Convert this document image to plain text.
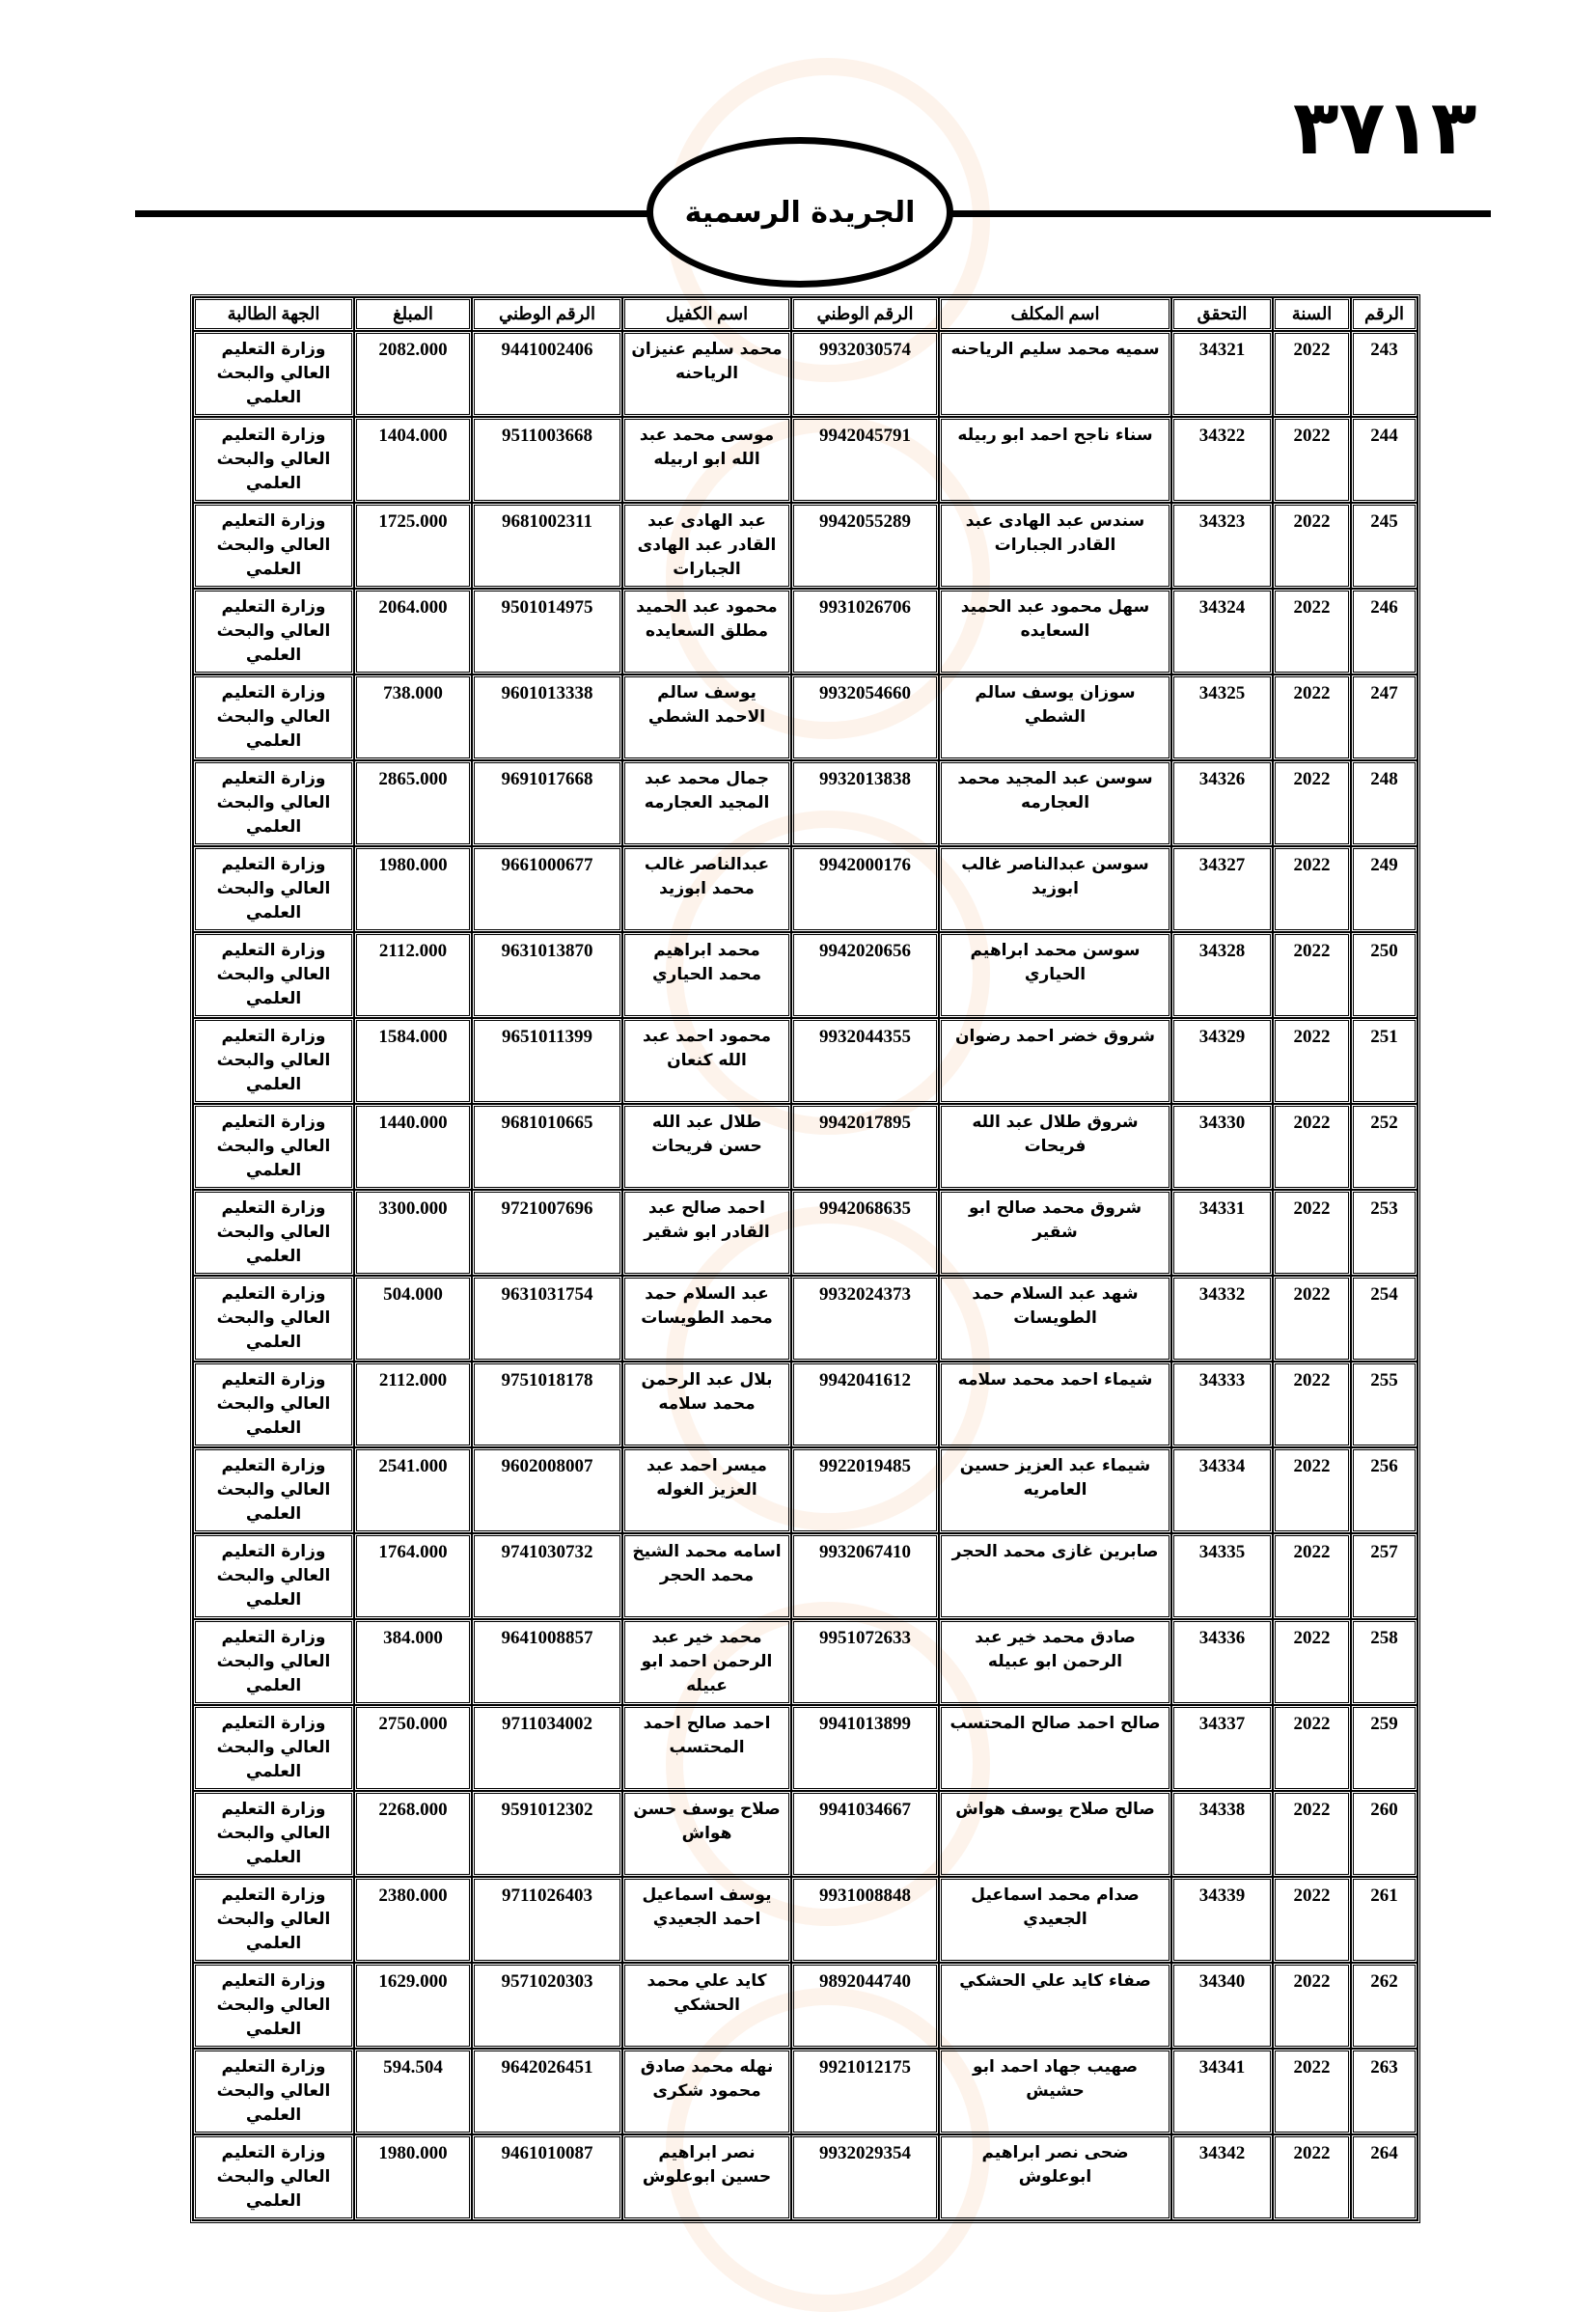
٣٧١٣
الجريدة الرسمية
الرقم	السنة	التحقق	اسم المكلف	الرقم الوطني	اسم الكفيل	الرقم الوطني	المبلغ	الجهة الطالبة
243	2022	34321	سميه محمد سليم الرياحنه	9932030574	محمد سليم عنيزان الرياحنه	9441002406	2082.000	وزارة التعليم العالي والبحث العلمي
244	2022	34322	سناء ناجح احمد ابو ربيله	9942045791	موسى محمد عبد الله ابو اربيله	9511003668	1404.000	وزارة التعليم العالي والبحث العلمي
245	2022	34323	سندس عبد الهادى عبد القادر الجبارات	9942055289	عبد الهادى عبد القادر عبد الهادى الجبارات	9681002311	1725.000	وزارة التعليم العالي والبحث العلمي
246	2022	34324	سهل محمود عبد الحميد السعايده	9931026706	محمود عبد الحميد مطلق السعايده	9501014975	2064.000	وزارة التعليم العالي والبحث العلمي
247	2022	34325	سوزان يوسف سالم الشطي	9932054660	يوسف سالم الاحمد الشطي	9601013338	738.000	وزارة التعليم العالي والبحث العلمي
248	2022	34326	سوسن عبد المجيد محمد العجارمه	9932013838	جمال محمد عبد المجيد العجارمه	9691017668	2865.000	وزارة التعليم العالي والبحث العلمي
249	2022	34327	سوسن عبدالناصر غالب ابوزيد	9942000176	عبدالناصر غالب محمد ابوزيد	9661000677	1980.000	وزارة التعليم العالي والبحث العلمي
250	2022	34328	سوسن محمد ابراهيم الحياري	9942020656	محمد ابراهيم محمد الحياري	9631013870	2112.000	وزارة التعليم العالي والبحث العلمي
251	2022	34329	شروق خضر احمد رضوان	9932044355	محمود احمد عبد الله كنعان	9651011399	1584.000	وزارة التعليم العالي والبحث العلمي
252	2022	34330	شروق طلال عبد الله فريحات	9942017895	طلال عبد الله حسن فريحات	9681010665	1440.000	وزارة التعليم العالي والبحث العلمي
253	2022	34331	شروق محمد صالح ابو شقير	9942068635	احمد صالح عبد القادر ابو شقير	9721007696	3300.000	وزارة التعليم العالي والبحث العلمي
254	2022	34332	شهد عبد السلام حمد الطويسات	9932024373	عبد السلام حمد محمد الطويسات	9631031754	504.000	وزارة التعليم العالي والبحث العلمي
255	2022	34333	شيماء احمد محمد سلامه	9942041612	بلال عبد الرحمن محمد سلامه	9751018178	2112.000	وزارة التعليم العالي والبحث العلمي
256	2022	34334	شيماء عبد العزيز حسين العامريه	9922019485	ميسر احمد عبد العزيز الغوله	9602008007	2541.000	وزارة التعليم العالي والبحث العلمي
257	2022	34335	صابرين غازى محمد الحجر	9932067410	اسامه محمد الشيخ محمد الحجر	9741030732	1764.000	وزارة التعليم العالي والبحث العلمي
258	2022	34336	صادق محمد خير عبد الرحمن ابو عبيله	9951072633	محمد خير عبد الرحمن احمد ابو عبيله	9641008857	384.000	وزارة التعليم العالي والبحث العلمي
259	2022	34337	صالح احمد صالح المحتسب	9941013899	احمد صالح احمد المحتسب	9711034002	2750.000	وزارة التعليم العالي والبحث العلمي
260	2022	34338	صالح صلاح يوسف هواش	9941034667	صلاح يوسف حسن هواش	9591012302	2268.000	وزارة التعليم العالي والبحث العلمي
261	2022	34339	صدام محمد اسماعيل الجعيدي	9931008848	يوسف اسماعيل احمد الجعيدي	9711026403	2380.000	وزارة التعليم العالي والبحث العلمي
262	2022	34340	صفاء كايد علي الحشكي	9892044740	كايد علي محمد الحشكي	9571020303	1629.000	وزارة التعليم العالي والبحث العلمي
263	2022	34341	صهيب جهاد احمد ابو حشيش	9921012175	نهله محمد صادق محمود شكرى	9642026451	594.504	وزارة التعليم العالي والبحث العلمي
264	2022	34342	ضحى نصر ابراهيم ابوعلوش	9932029354	نصر ابراهيم حسين ابوعلوش	9461010087	1980.000	وزارة التعليم العالي والبحث العلمي
